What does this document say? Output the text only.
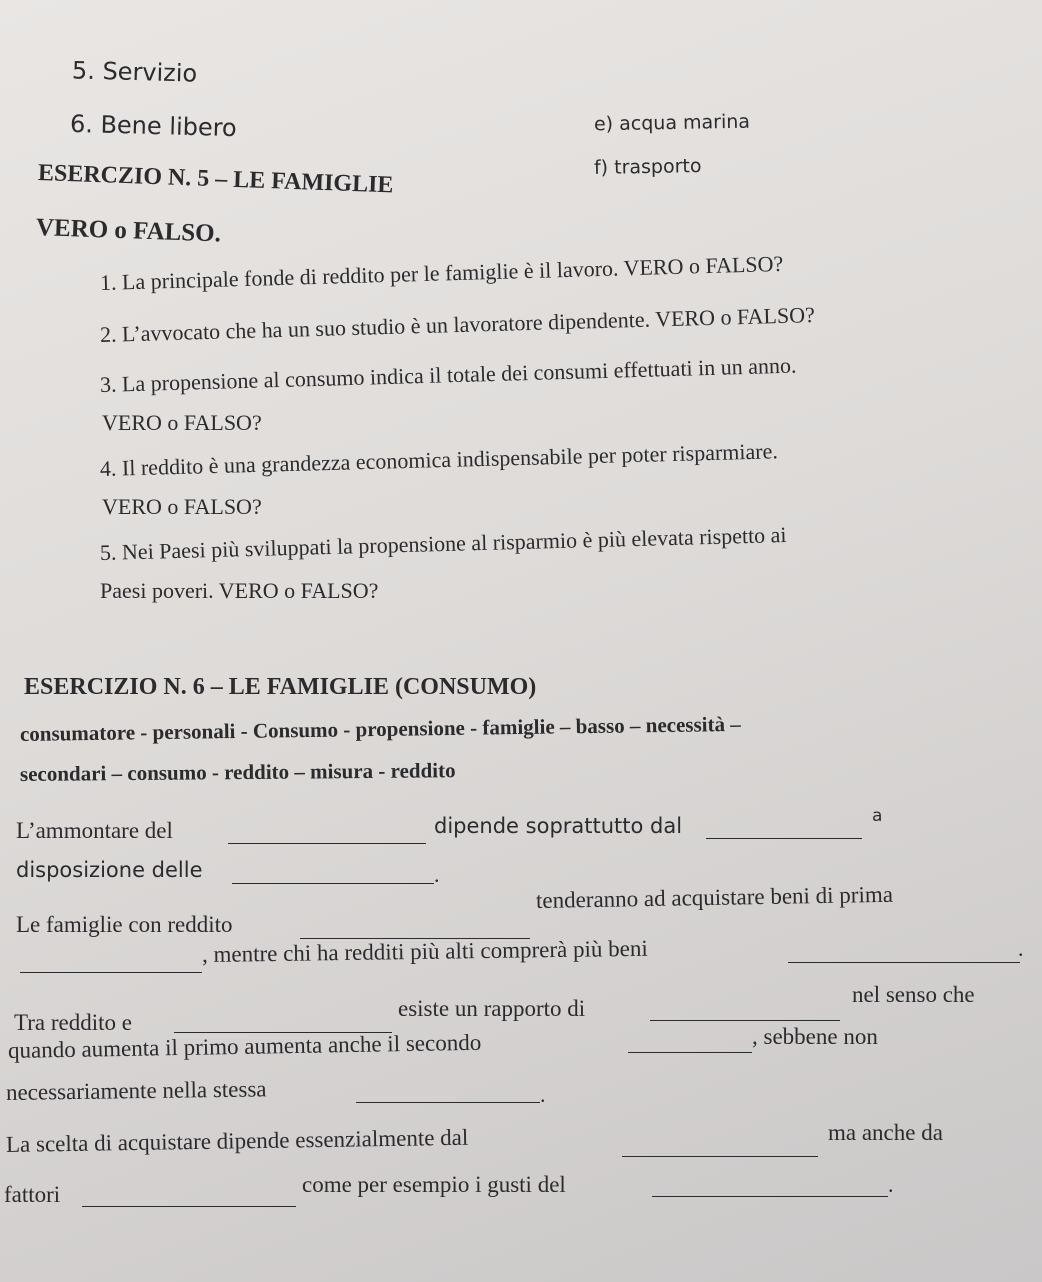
5. Servizio
6. Bene libero	e) acqua marina
f) trasporto
ESERCZIO N. 5 – LE FAMIGLIE
VERO o FALSO.
1. La principale fonde di reddito per le famiglie è il lavoro. VERO o FALSO?
2. L’avvocato che ha un suo studio è un lavoratore dipendente. VERO o FALSO?
3. La propensione al consumo indica il totale dei consumi effettuati in un anno.
VERO o FALSO?
4. Il reddito è una grandezza economica indispensabile per poter risparmiare.
VERO o FALSO?
5. Nei Paesi più sviluppati la propensione al risparmio è più elevata rispetto ai
Paesi poveri. VERO o FALSO?
ESERCIZIO N. 6 – LE FAMIGLIE (CONSUMO)
consumatore - personali - Consumo - propensione - famiglie – basso – necessità –
secondari – consumo - reddito – misura - reddito
L’ammontare del	dipende soprattutto dal	a
disposizione delle	.
Le famiglie con reddito
tenderanno ad acquistare beni di prima
, mentre chi ha redditi più alti comprerà più beni	.
Tra reddito e
esiste un rapporto di
nel senso che
quando aumenta il primo aumenta anche il secondo	, sebbene non
necessariamente nella stessa	.
La scelta di acquistare dipende essenzialmente dal	ma anche da
fattori	come per esempio i gusti del	.
